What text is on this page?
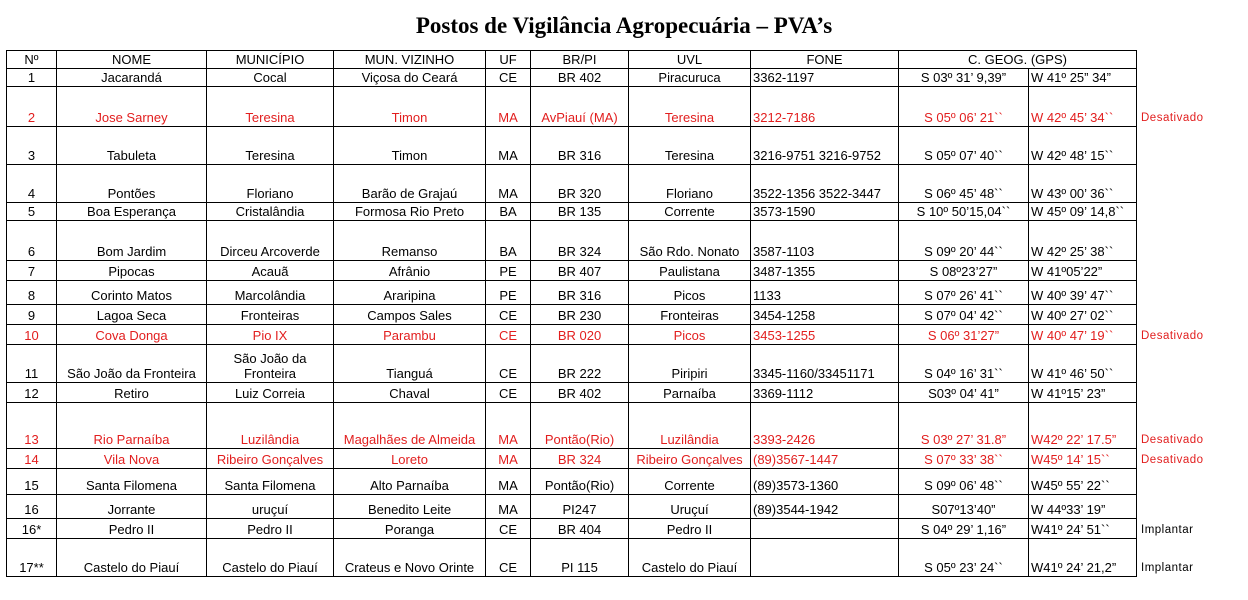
Postos de Vigilância Agropecuária – PVA’s
Nº	NOME	MUNICÍPIO	MUN. VIZINHO	UF	BR/PI	UVL	FONE	C. GEOG. (GPS)		
1	Jacarandá	Cocal	Viçosa do Ceará	CE	BR 402	Piracuruca	3362-1197	S 03º 31’ 9,39”	W 41º 25” 34”	
2	Jose Sarney	Teresina	Timon	MA	AvPiauí (MA)	Teresina	3212-7186	S 05º 06’ 21``	W 42º 45’ 34``	Desativado
3	Tabuleta	Teresina	Timon	MA	BR 316	Teresina	3216-9751 3216-9752	S 05º 07’ 40``	W 42º 48’ 15``	
4	Pontões	Floriano	Barão de Grajaú	MA	BR 320	Floriano	3522-1356 3522-3447	S 06º 45’ 48``	W 43º 00’ 36``	
5	Boa Esperança	Cristalândia	Formosa Rio Preto	BA	BR 135	Corrente	3573-1590	S 10º 50’15,04``	W 45º 09’ 14,8``	
6	Bom Jardim	Dirceu Arcoverde	Remanso	BA	BR 324	São Rdo. Nonato	3587-1103	S 09º 20’ 44``	W 42º 25’ 38``	
7	Pipocas	Acauã	Afrânio	PE	BR 407	Paulistana	3487-1355	S 08º23’27”	W 41º05’22”	
8	Corinto Matos	Marcolândia	Araripina	PE	BR 316	Picos	1133	S 07º 26’ 41``	W 40º 39’ 47``	
9	Lagoa Seca	Fronteiras	Campos Sales	CE	BR 230	Fronteiras	3454-1258	S 07º 04’ 42``	W 40º 27’ 02``	
10	Cova Donga	Pio IX	Parambu	CE	BR 020	Picos	3453-1255	S 06º 31’27”	W 40º 47’ 19``	Desativado
11	São João da Fronteira	São João da Fronteira	Tianguá	CE	BR 222	Piripiri	3345-1160/33451171	S 04º 16’ 31``	W 41º 46’ 50``	
12	Retiro	Luiz Correia	Chaval	CE	BR 402	Parnaíba	3369-1112	S03º 04’ 41”	W 41º15’ 23”	
13	Rio Parnaíba	Luzilândia	Magalhães de Almeida	MA	Pontão(Rio)	Luzilândia	3393-2426	S 03º 27’ 31.8”	W42º 22’ 17.5”	Desativado
14	Vila Nova	Ribeiro Gonçalves	Loreto	MA	BR 324	Ribeiro Gonçalves	(89)3567-1447	S 07º 33’ 38``	W45º 14’ 15``	Desativado
15	Santa Filomena	Santa Filomena	Alto Parnaíba	MA	Pontão(Rio)	Corrente	(89)3573-1360	S 09º 06’ 48``	W45º 55’ 22``	
16	Jorrante	uruçuí	Benedito Leite	MA	PI247	Uruçuí	(89)3544-1942	S07º13’40”	W 44º33’ 19”	
16*	Pedro II	Pedro II	Poranga	CE	BR 404	Pedro II		S 04º 29’ 1,16”	W41º 24’ 51``	Implantar
17**	Castelo do Piauí	Castelo do Piauí	Crateus e Novo Orinte	CE	PI 115	Castelo do Piauí		S 05º 23’ 24``	W41º 24’ 21,2”	Implantar
